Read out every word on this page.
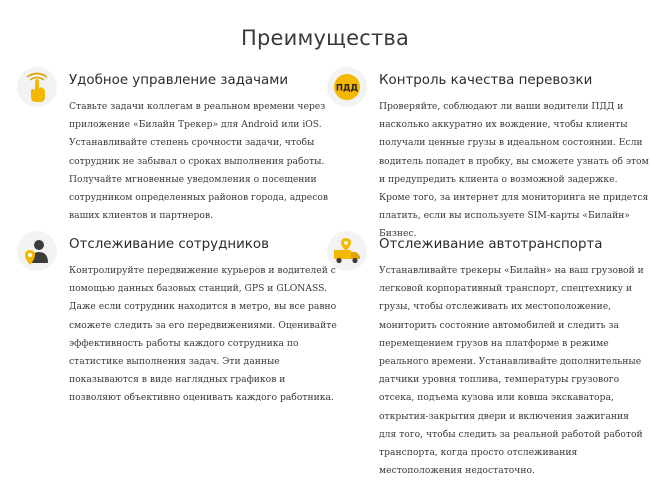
Преимущества
Удобное управление задачами

Ставьте задачи коллегам в реальном времени через приложение «Билайн Трекер» для Android или iOS. Устанавливайте степень срочности задачи, чтобы сотрудник не забывал о сроках выполнения работы. Получайте мгновенные уведомления о посещении сотрудником определенных районов города, адресов ваших клиентов и партнеров.

ПДД
Контроль качества перевозки

Проверяйте, соблюдают ли ваши водители ПДД и насколько аккуратно их вождение, чтобы клиенты получали ценные грузы в идеальном состоянии. Если водитель попадет в пробку, вы сможете узнать об этом и предупредить клиента о возможной задержке. Кроме того, за интернет для мониторинга не придется платить, если вы используете SIM-карты «Билайн» Бизнес.

Отслеживание сотрудников

Контролируйте передвижение курьеров и водителей с помощью данных базовых станций, GPS и GLONASS. Даже если сотрудник находится в метро, вы все равно сможете следить за его передвижениями. Оценивайте эффективность работы каждого сотрудника по статистике выполнения задач. Эти данные показываются в виде наглядных графиков и позволяют объективно оценивать каждого работника.

Отслеживание автотранспорта

Устанавливайте трекеры «Билайн» на ваш грузовой и легковой корпоративный транспорт, спецтехнику и грузы, чтобы отслеживать их местоположение, мониторить состояние автомобилей и следить за перемещением грузов на платформе в режиме реального времени. Устанавливайте дополнительные датчики уровня топлива, температуры грузового отсека, подъема кузова или ковша экскаватора, открытия-закрытия двери и включения зажигания для того, чтобы следить за реальной работой работой транспорта, когда просто отслеживания местоположения недостаточно.
